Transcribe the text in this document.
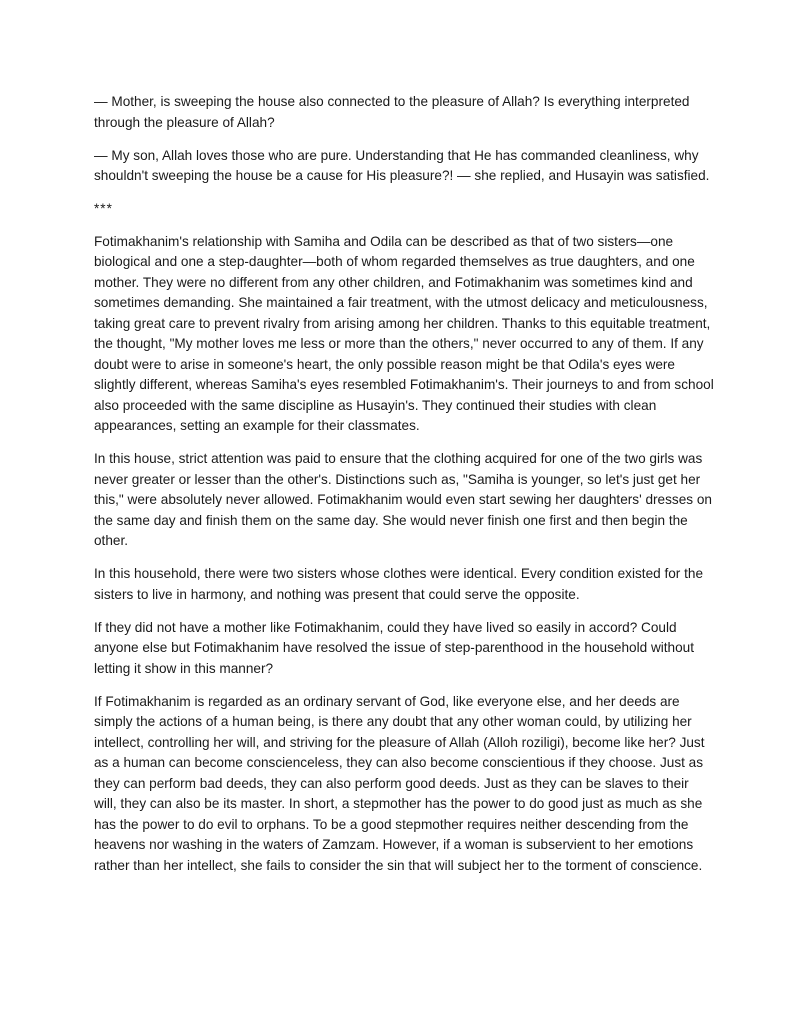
— Mother, is sweeping the house also connected to the pleasure of Allah? Is everything interpreted through the pleasure of Allah?

— My son, Allah loves those who are pure. Understanding that He has commanded cleanliness, why shouldn't sweeping the house be a cause for His pleasure?! — she replied, and Husayin was satisfied.

***

Fotimakhanim's relationship with Samiha and Odila can be described as that of two sisters—one biological and one a step-daughter—both of whom regarded themselves as true daughters, and one mother. They were no different from any other children, and Fotimakhanim was sometimes kind and sometimes demanding. She maintained a fair treatment, with the utmost delicacy and meticulousness, taking great care to prevent rivalry from arising among her children. Thanks to this equitable treatment, the thought, "My mother loves me less or more than the others," never occurred to any of them. If any doubt were to arise in someone's heart, the only possible reason might be that Odila's eyes were slightly different, whereas Samiha's eyes resembled Fotimakhanim's. Their journeys to and from school also proceeded with the same discipline as Husayin's. They continued their studies with clean appearances, setting an example for their classmates.

In this house, strict attention was paid to ensure that the clothing acquired for one of the two girls was never greater or lesser than the other's. Distinctions such as, "Samiha is younger, so let's just get her this," were absolutely never allowed. Fotimakhanim would even start sewing her daughters' dresses on the same day and finish them on the same day. She would never finish one first and then begin the other.

In this household, there were two sisters whose clothes were identical. Every condition existed for the sisters to live in harmony, and nothing was present that could serve the opposite.

If they did not have a mother like Fotimakhanim, could they have lived so easily in accord? Could anyone else but Fotimakhanim have resolved the issue of step-parenthood in the household without letting it show in this manner?

If Fotimakhanim is regarded as an ordinary servant of God, like everyone else, and her deeds are simply the actions of a human being, is there any doubt that any other woman could, by utilizing her intellect, controlling her will, and striving for the pleasure of Allah (Alloh roziligi), become like her? Just as a human can become conscienceless, they can also become conscientious if they choose. Just as they can perform bad deeds, they can also perform good deeds. Just as they can be slaves to their will, they can also be its master. In short, a stepmother has the power to do good just as much as she has the power to do evil to orphans. To be a good stepmother requires neither descending from the heavens nor washing in the waters of Zamzam. However, if a woman is subservient to her emotions rather than her intellect, she fails to consider the sin that will subject her to the torment of conscience.
